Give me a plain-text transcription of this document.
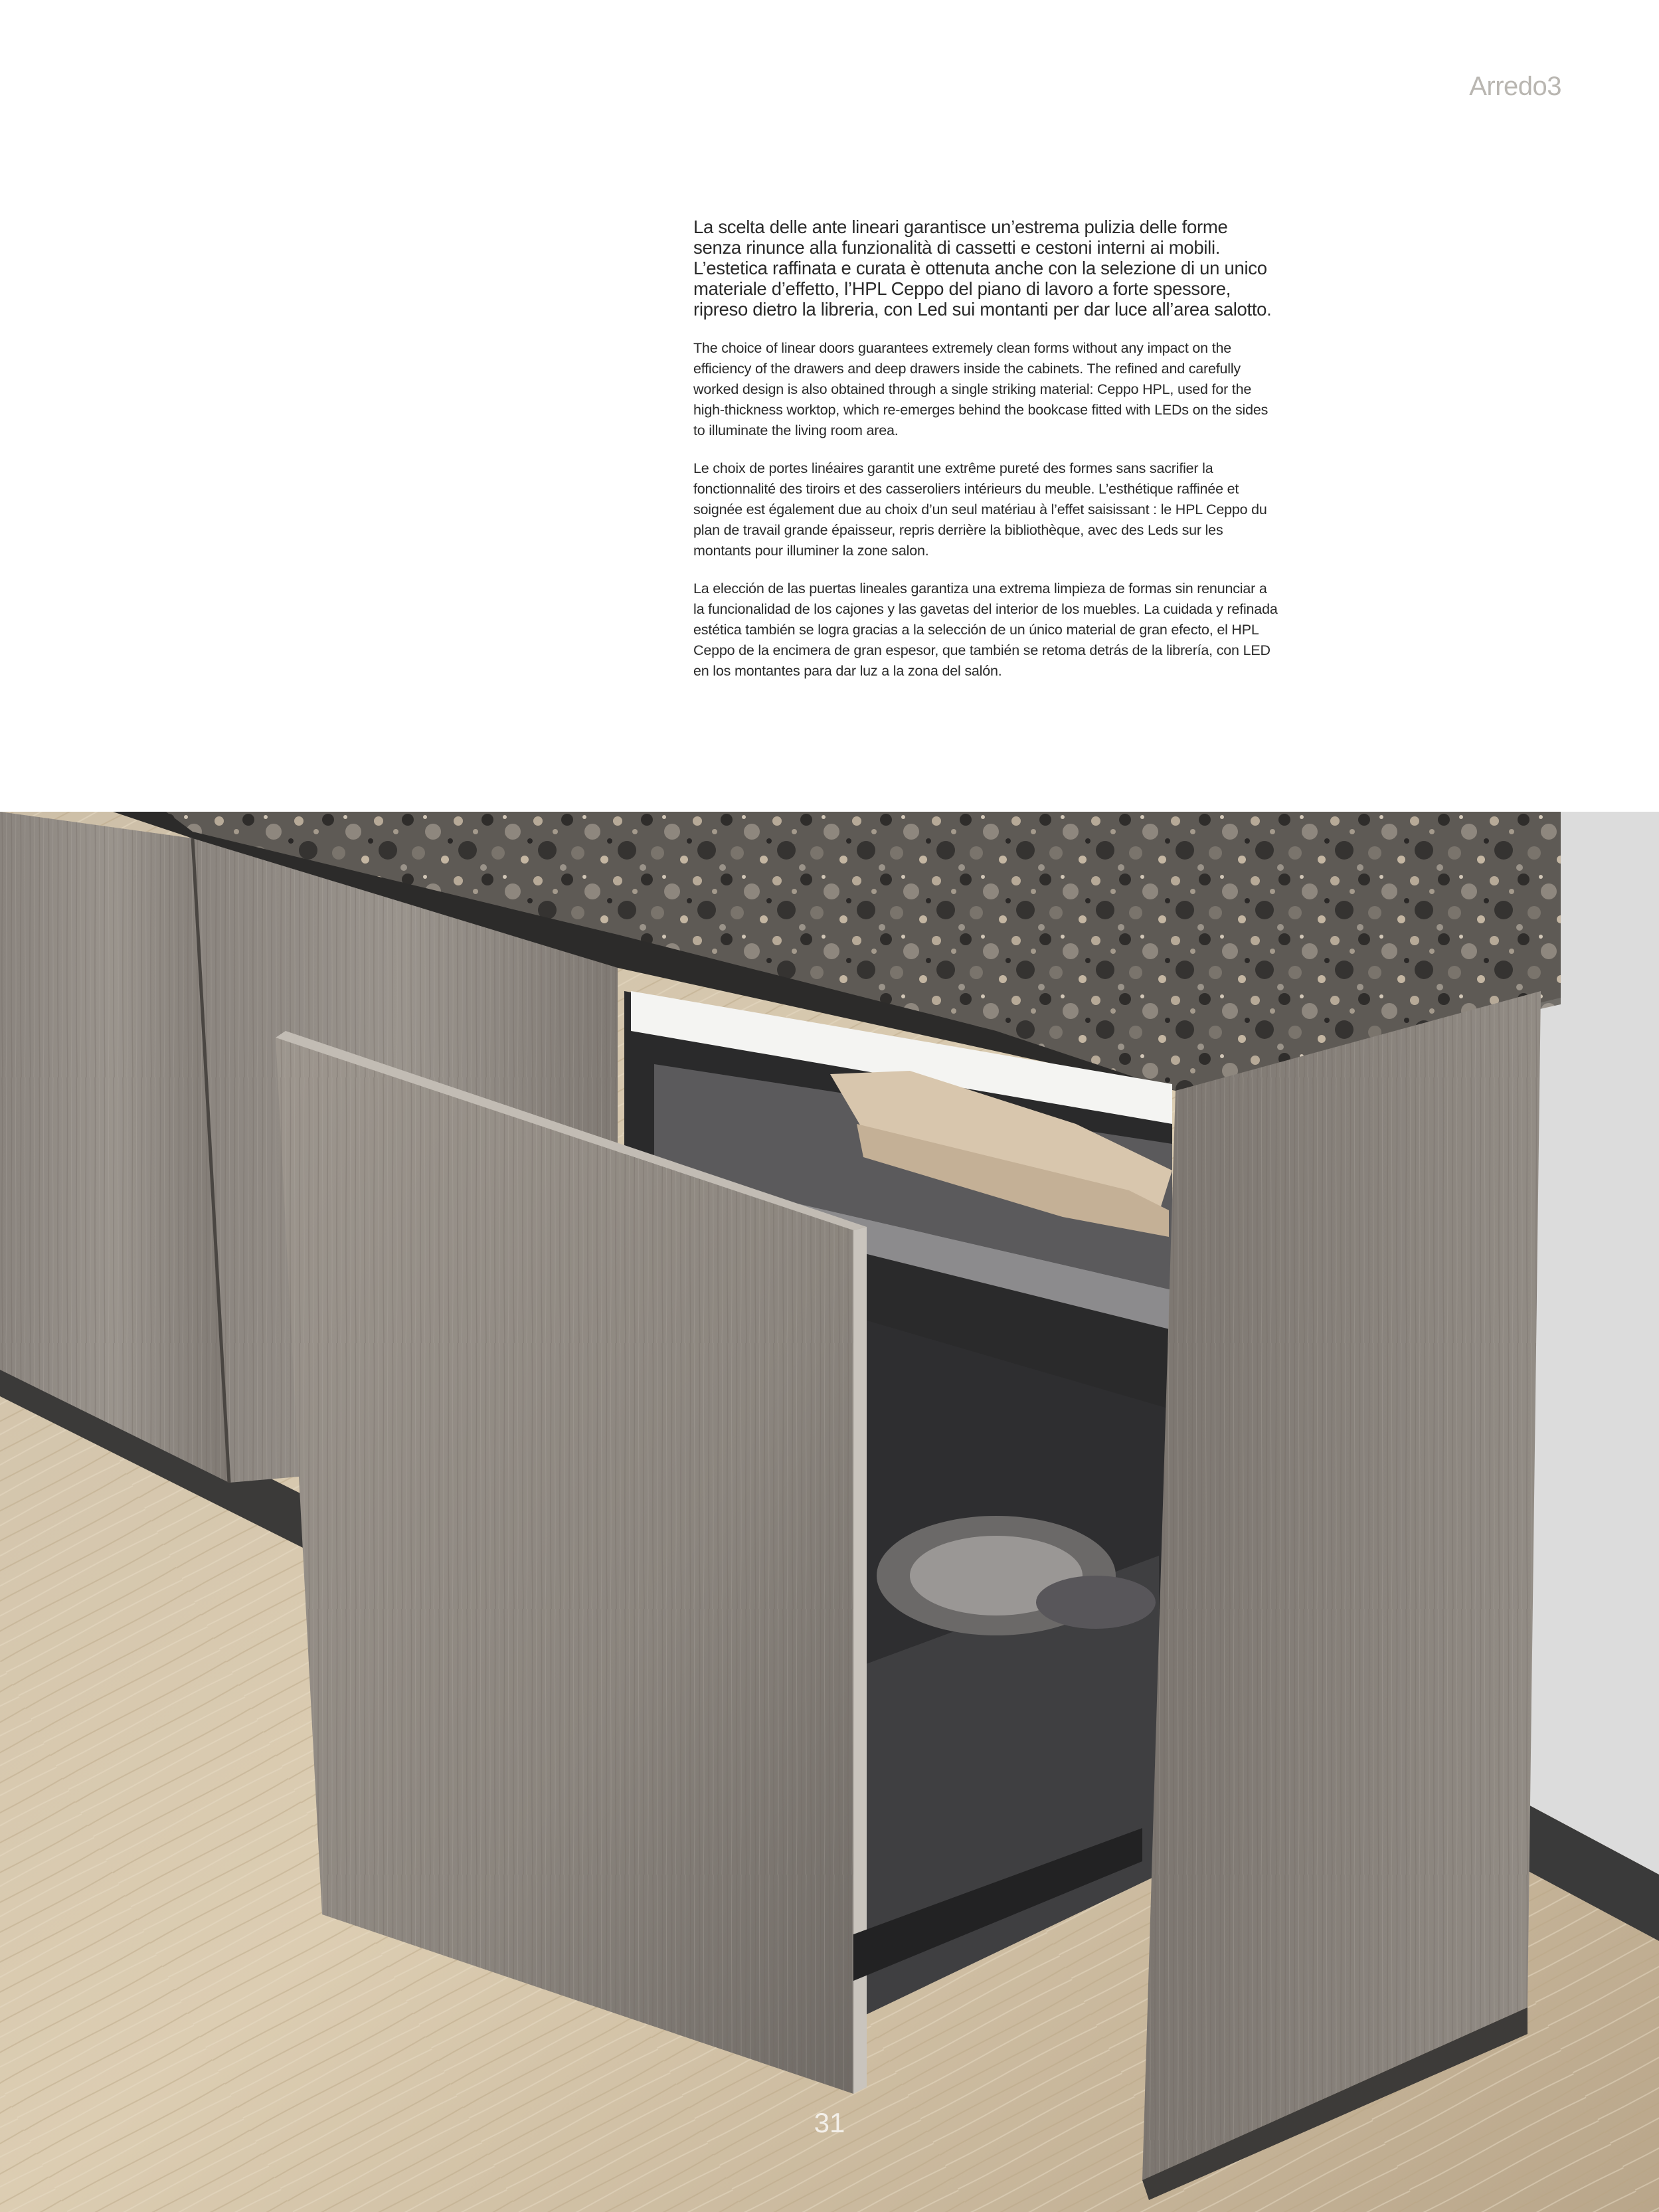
Arredo3

La scelta delle ante lineari garantisce un’estrema pulizia delle forme senza rinunce alla funzionalità di cassetti e cestoni interni ai mobili. L’estetica raffinata e curata è ottenuta anche con la selezione di un unico materiale d’effetto, l’HPL Ceppo del piano di lavoro a forte spessore, ripreso dietro la libreria, con Led sui montanti per dar luce all’area salotto.

The choice of linear doors guarantees extremely clean forms without any impact on the efficiency of the drawers and deep drawers inside the cabinets. The refined and carefully worked design is also obtained through a single striking material: Ceppo HPL, used for the high-thickness worktop, which re-emerges behind the bookcase fitted with LEDs on the sides to illuminate the living room area.

Le choix de portes linéaires garantit une extrême pureté des formes sans sacrifier la fonctionnalité des tiroirs et des casseroliers intérieurs du meuble. L’esthétique raffinée et soignée est également due au choix d’un seul matériau à l’effet saisissant : le HPL Ceppo du plan de travail grande épaisseur, repris derrière la bibliothèque, avec des Leds sur les montants pour illuminer la zone salon.

La elección de las puertas lineales garantiza una extrema limpieza de formas sin renunciar a la funcionalidad de los cajones y las gavetas del interior de los muebles. La cuidada y refinada estética también se logra gracias a la selección de un único material de gran efecto, el HPL Ceppo de la encimera de gran espesor, que también se retoma detrás de la librería, con LED en los montantes para dar luz a la zona del salón.

31
